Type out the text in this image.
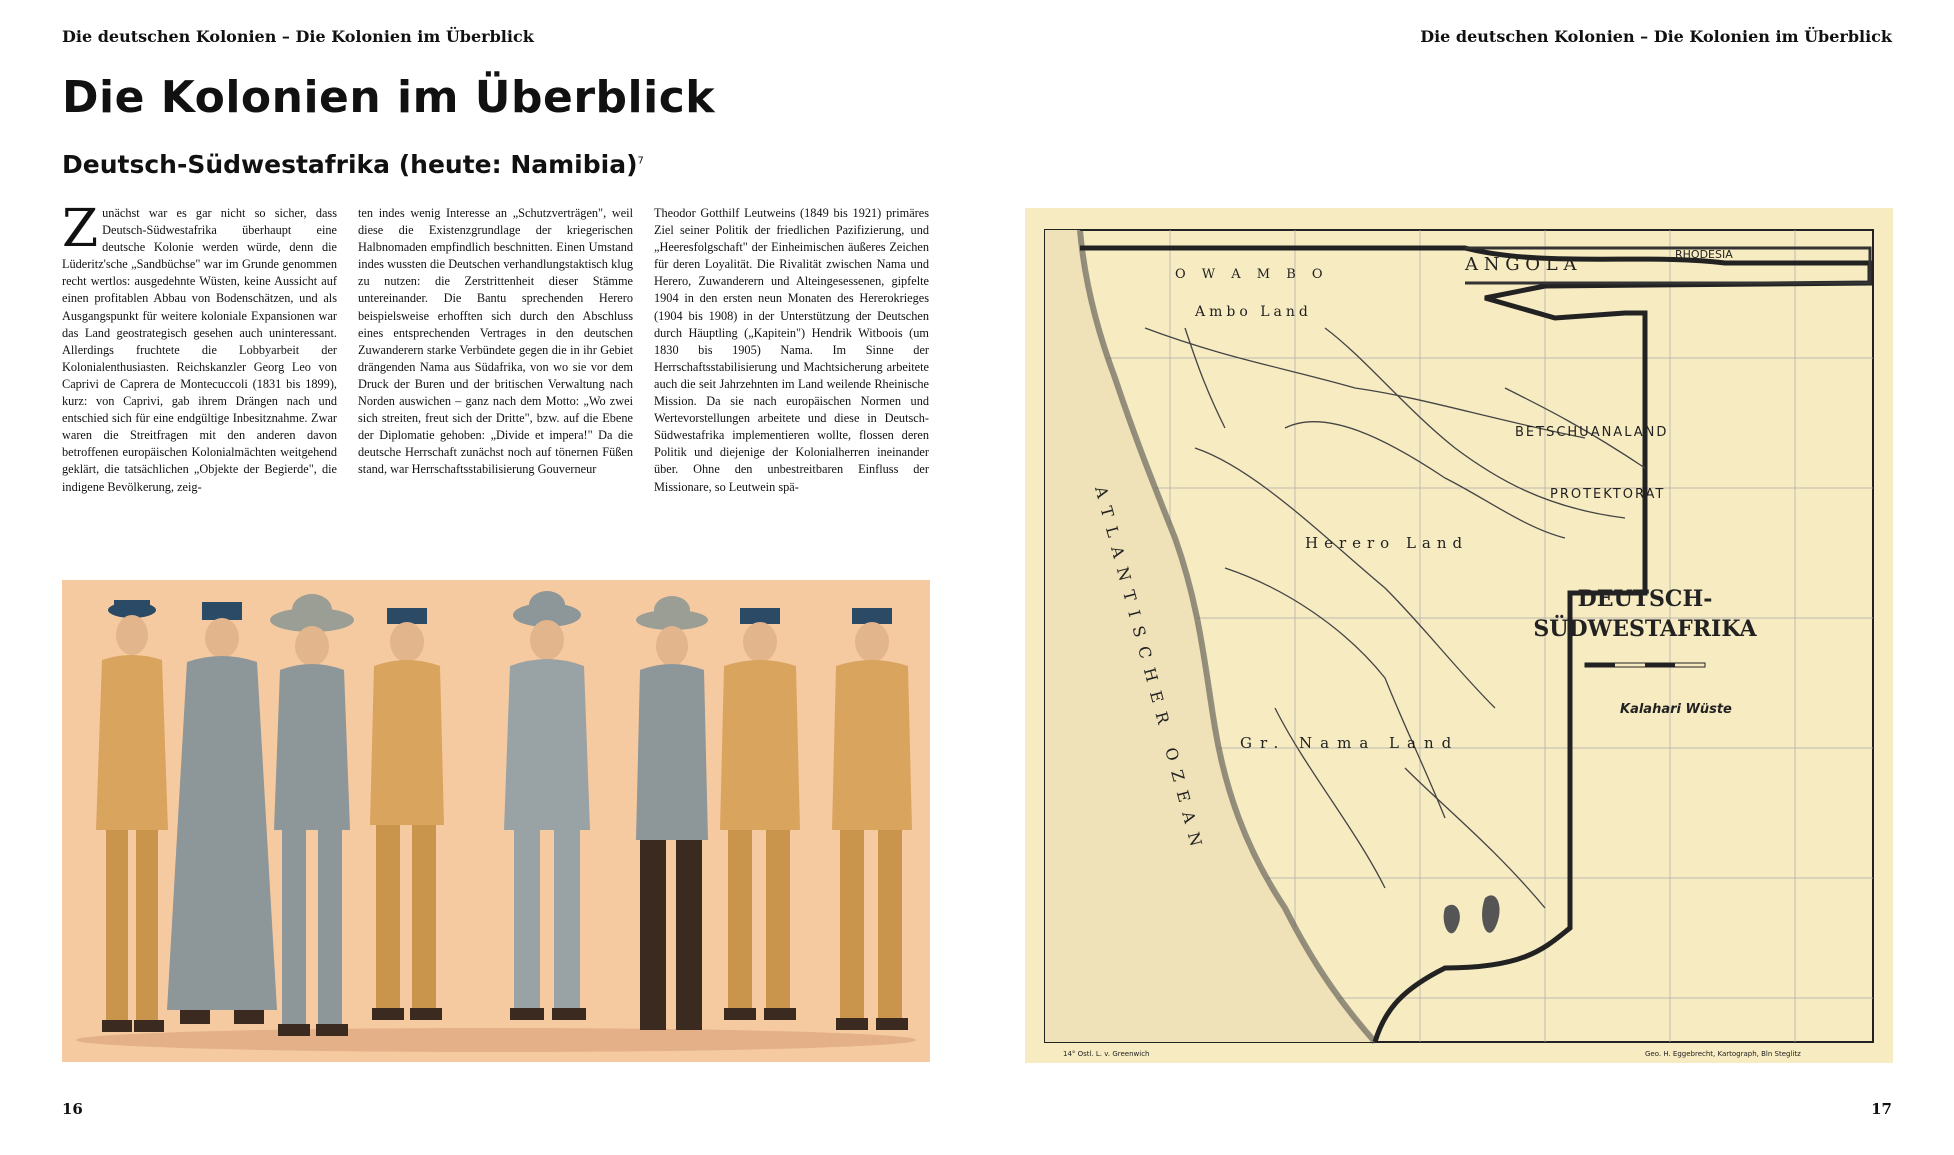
Die deutschen Kolonien – Die Kolonien im Überblick	Die deutschen Kolonien – Die Kolonien im Überblick
Die Kolonien im Überblick
Deutsch-Südwestafrika (heute: Namibia)$^7$
Zunächst war es gar nicht so sicher, dass Deutsch-Südwestafrika überhaupt eine deutsche Kolonie werden würde, denn die Lüderitz'sche „Sandbüchse" war im Grunde genommen recht wertlos: ausgedehnte Wüsten, keine Aussicht auf einen profitablen Abbau von Bodenschätzen, und als Ausgangspunkt für weitere koloniale Expansionen war das Land geostrategisch gesehen auch uninteressant. Allerdings fruchtete die Lobbyarbeit der Kolonialenthusiasten. Reichskanzler Georg Leo von Caprivi de Caprera de Montecuccoli (1831 bis 1899), kurz: von Caprivi, gab ihrem Drängen nach und entschied sich für eine endgültige Inbesitznahme. Zwar waren die Streitfragen mit den anderen davon betroffenen europäischen Kolonialmächten weitgehend geklärt, die tatsächlichen „Objekte der Begierde", die indigene Bevölkerung, zeig-
ten indes wenig Interesse an „Schutzverträgen", weil diese die Existenzgrundlage der kriegerischen Halbnomaden empfindlich beschnitten. Einen Umstand indes wussten die Deutschen verhandlungstaktisch klug zu nutzen: die Zerstrittenheit dieser Stämme untereinander. Die Bantu sprechenden Herero beispielsweise erhofften sich durch den Abschluss eines entsprechenden Vertrages in den deutschen Zuwanderern starke Verbündete gegen die in ihr Gebiet drängenden Nama aus Südafrika, von wo sie vor dem Druck der Buren und der britischen Verwaltung nach Norden auswichen – ganz nach dem Motto: „Wo zwei sich streiten, freut sich der Dritte", bzw. auf die Ebene der Diplomatie gehoben: „Divide et impera!" Da die deutsche Herrschaft zunächst noch auf tönernen Füßen stand, war Herrschaftsstabilisierung Gouverneur
Theodor Gotthilf Leutweins (1849 bis 1921) primäres Ziel seiner Politik der friedlichen Pazifizierung, und „Heeresfolgschaft" der Einheimischen äußeres Zeichen für deren Loyalität. Die Rivalität zwischen Nama und Herero, Zuwanderern und Alteingesessenen, gipfelte 1904 in den ersten neun Monaten des Hererokrieges (1904 bis 1908) in der Unterstützung der Deutschen durch Häuptling („Kapitein") Hendrik Witboois (um 1830 bis 1905) Nama. Im Sinne der Herrschaftsstabilisierung und Machtsicherung arbeitete auch die seit Jahrzehnten im Land weilende Rheinische Mission. Da sie nach europäischen Normen und Wertevorstellungen arbeitete und diese in Deutsch-Südwestafrika implementieren wollte, flossen deren Politik und diejenige der Kolonialherren ineinander über. Ohne den unbestreitbaren Einfluss der Missionare, so Leutwein spä-
A N G O L A	RHODESIA
BETSCHUANALAND
PROTEKTORAT
Ambo Land
O W A M B O
Herero Land
Gr. Nama Land
Kalahari Wüste
ATLANTISCHER OZEAN	DEUTSCH-
SÜDWESTAFRIKA
14° Ostl. L. v. Greenwich	Geo. H. Eggebrecht, Kartograph, Bln Steglitz
16	17
